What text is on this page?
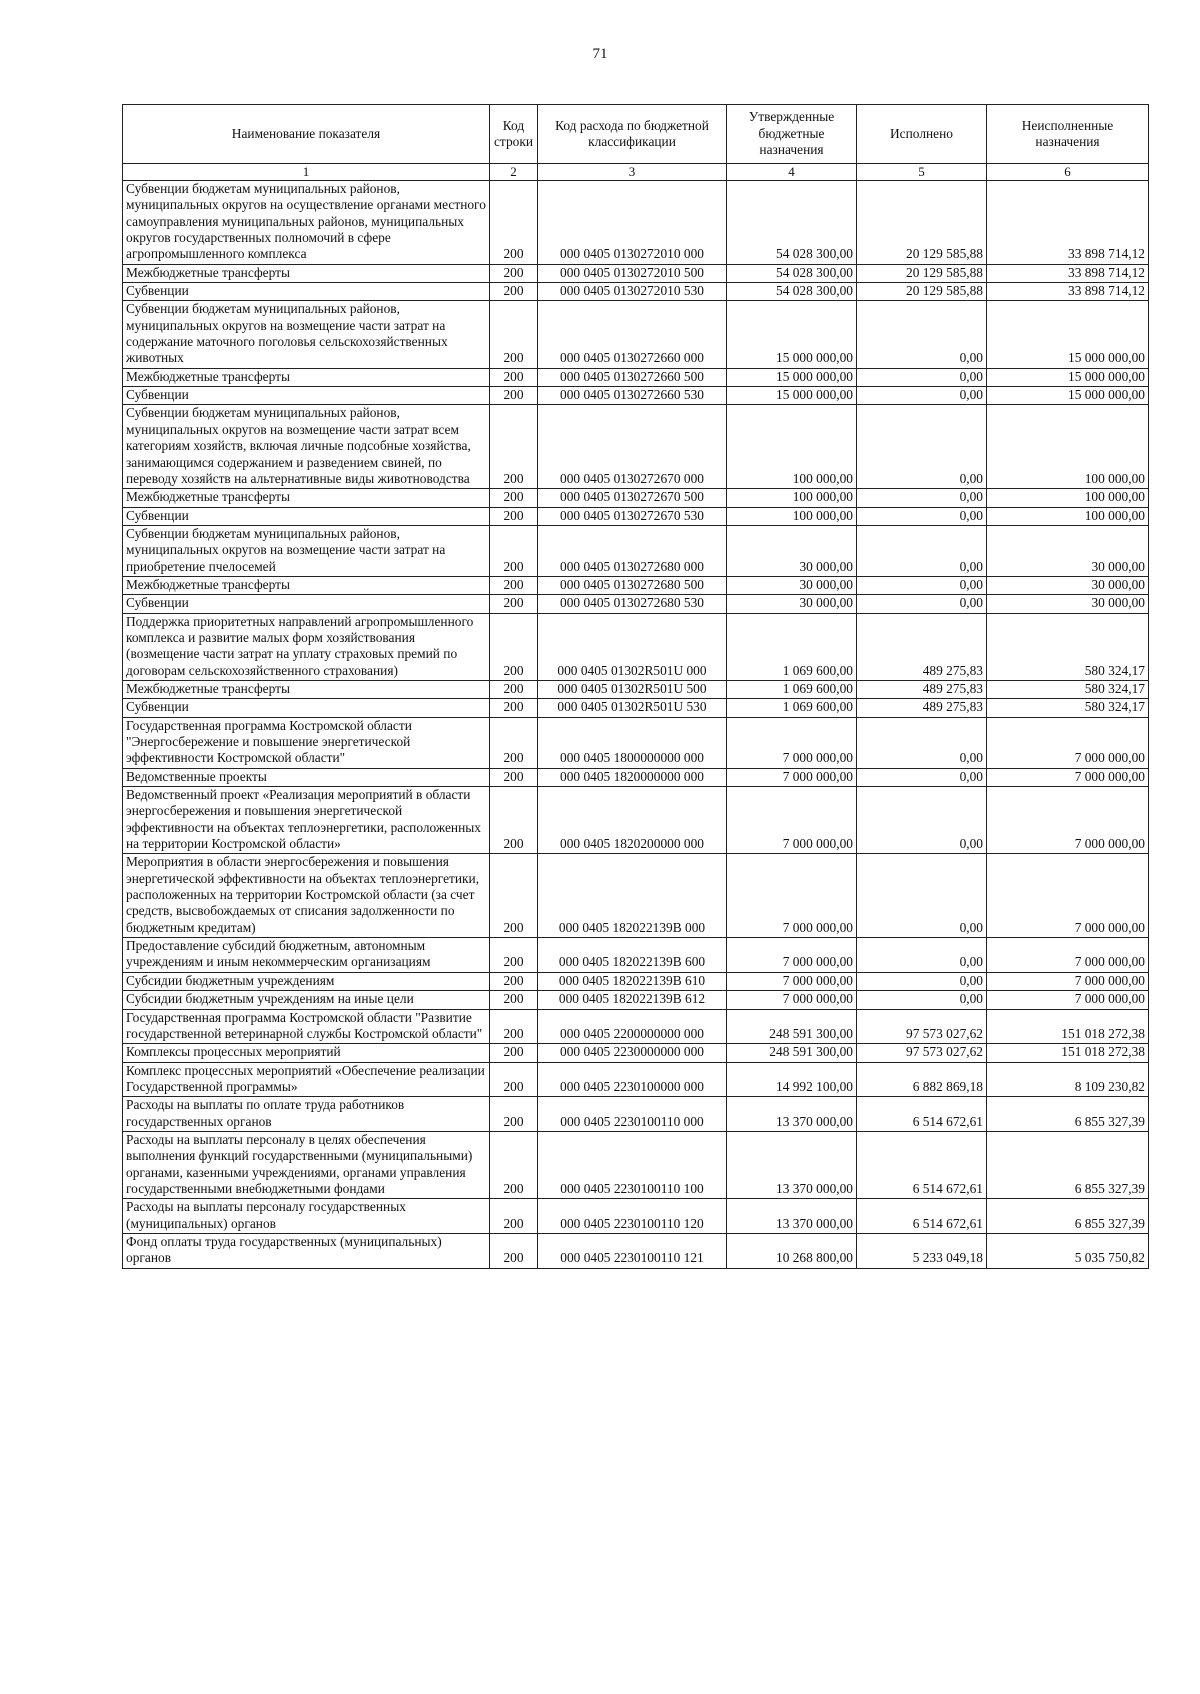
71
Наименование показателя	Код строки	Код расхода по бюджетной классификации	Утвержденные бюджетные назначения	Исполнено	Неисполненные назначения
1	2	3	4	5	6
Субвенции бюджетам муниципальных районов, муниципальных округов на осуществление органами местного самоуправления муниципальных районов, муниципальных округов государственных полномочий в сфере агропромышленного комплекса	200	000 0405 0130272010 000	54 028 300,00	20 129 585,88	33 898 714,12
Межбюджетные трансферты	200	000 0405 0130272010 500	54 028 300,00	20 129 585,88	33 898 714,12
Субвенции	200	000 0405 0130272010 530	54 028 300,00	20 129 585,88	33 898 714,12
Субвенции бюджетам муниципальных районов, муниципальных округов на возмещение части затрат на содержание маточного поголовья сельскохозяйственных животных	200	000 0405 0130272660 000	15 000 000,00	0,00	15 000 000,00
Межбюджетные трансферты	200	000 0405 0130272660 500	15 000 000,00	0,00	15 000 000,00
Субвенции	200	000 0405 0130272660 530	15 000 000,00	0,00	15 000 000,00
Субвенции бюджетам муниципальных районов, муниципальных округов на возмещение части затрат всем категориям хозяйств, включая личные подсобные хозяйства, занимающимся содержанием и разведением свиней, по переводу хозяйств на альтернативные виды животноводства	200	000 0405 0130272670 000	100 000,00	0,00	100 000,00
Межбюджетные трансферты	200	000 0405 0130272670 500	100 000,00	0,00	100 000,00
Субвенции	200	000 0405 0130272670 530	100 000,00	0,00	100 000,00
Субвенции бюджетам муниципальных районов, муниципальных округов на возмещение части затрат на приобретение пчелосемей	200	000 0405 0130272680 000	30 000,00	0,00	30 000,00
Межбюджетные трансферты	200	000 0405 0130272680 500	30 000,00	0,00	30 000,00
Субвенции	200	000 0405 0130272680 530	30 000,00	0,00	30 000,00
Поддержка приоритетных направлений агропромышленного комплекса и развитие малых форм хозяйствования (возмещение части затрат на уплату страховых премий по договорам сельскохозяйственного страхования)	200	000 0405 01302R501U 000	1 069 600,00	489 275,83	580 324,17
Межбюджетные трансферты	200	000 0405 01302R501U 500	1 069 600,00	489 275,83	580 324,17
Субвенции	200	000 0405 01302R501U 530	1 069 600,00	489 275,83	580 324,17
Государственная программа Костромской области "Энергосбережение и повышение энергетической эффективности Костромской области"	200	000 0405 1800000000 000	7 000 000,00	0,00	7 000 000,00
Ведомственные проекты	200	000 0405 1820000000 000	7 000 000,00	0,00	7 000 000,00
Ведомственный проект «Реализация мероприятий в области энергосбережения и повышения энергетической эффективности на объектах теплоэнергетики, расположенных на территории Костромской области»	200	000 0405 1820200000 000	7 000 000,00	0,00	7 000 000,00
Мероприятия в области энергосбережения и повышения энергетической эффективности на объектах теплоэнергетики, расположенных на территории Костромской области (за счет средств, высвобождаемых от списания задолженности по бюджетным кредитам)	200	000 0405 182022139B 000	7 000 000,00	0,00	7 000 000,00
Предоставление субсидий бюджетным, автономным учреждениям и иным некоммерческим организациям	200	000 0405 182022139B 600	7 000 000,00	0,00	7 000 000,00
Субсидии бюджетным учреждениям	200	000 0405 182022139B 610	7 000 000,00	0,00	7 000 000,00
Субсидии бюджетным учреждениям на иные цели	200	000 0405 182022139B 612	7 000 000,00	0,00	7 000 000,00
Государственная программа Костромской области "Развитие государственной ветеринарной службы Костромской области"	200	000 0405 2200000000 000	248 591 300,00	97 573 027,62	151 018 272,38
Комплексы процессных мероприятий	200	000 0405 2230000000 000	248 591 300,00	97 573 027,62	151 018 272,38
Комплекс процессных мероприятий «Обеспечение реализации Государственной программы»	200	000 0405 2230100000 000	14 992 100,00	6 882 869,18	8 109 230,82
Расходы на выплаты по оплате труда работников государственных органов	200	000 0405 2230100110 000	13 370 000,00	6 514 672,61	6 855 327,39
Расходы на выплаты персоналу в целях обеспечения выполнения функций государственными (муниципальными) органами, казенными учреждениями, органами управления государственными внебюджетными фондами	200	000 0405 2230100110 100	13 370 000,00	6 514 672,61	6 855 327,39
Расходы на выплаты персоналу государственных (муниципальных) органов	200	000 0405 2230100110 120	13 370 000,00	6 514 672,61	6 855 327,39
Фонд оплаты труда государственных (муниципальных) органов	200	000 0405 2230100110 121	10 268 800,00	5 233 049,18	5 035 750,82
